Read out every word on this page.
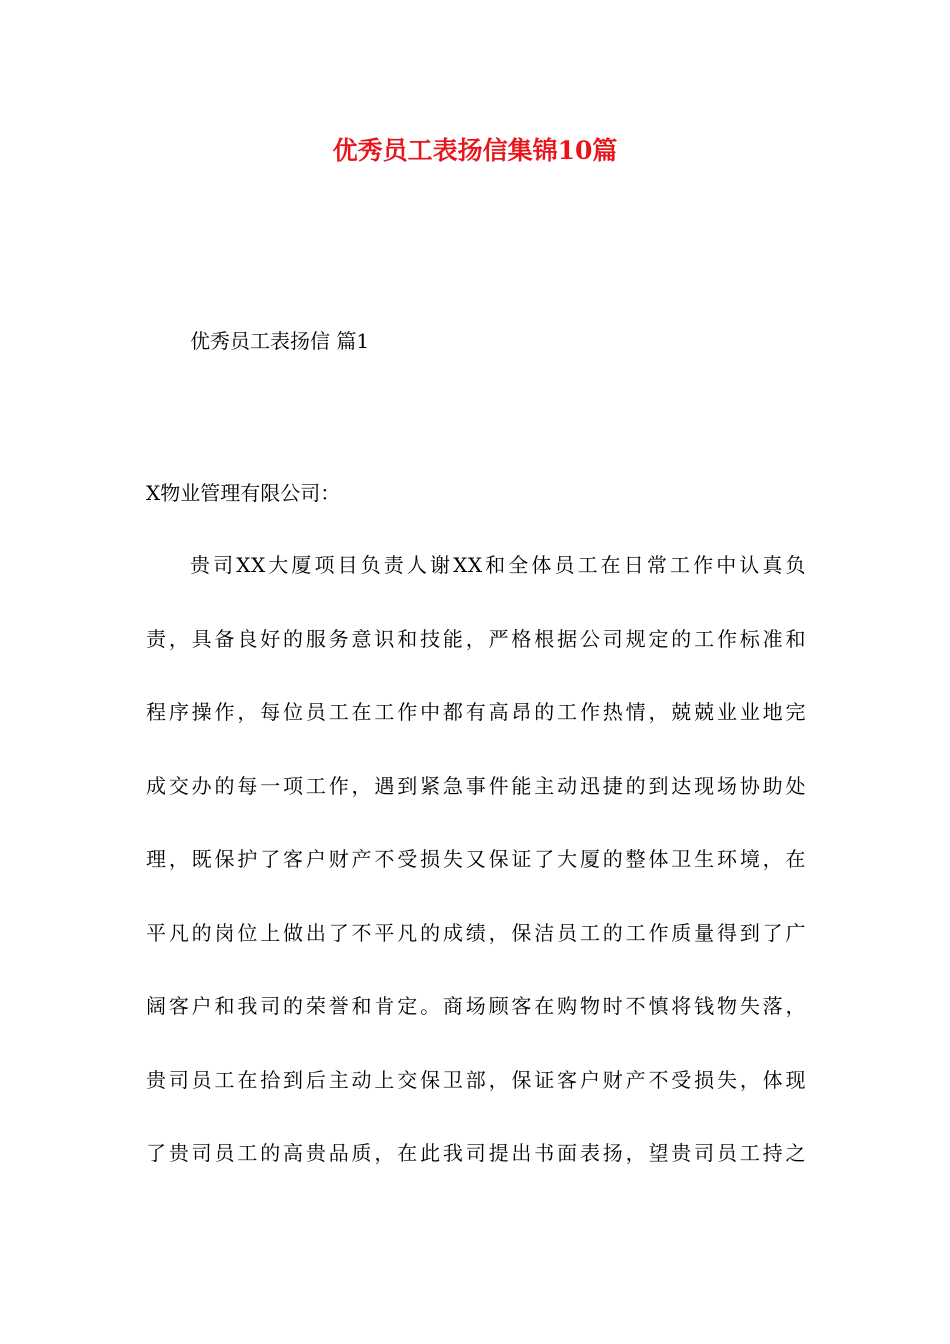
优秀员工表扬信集锦10篇

优秀员工表扬信 篇1

X物业管理有限公司：

贵司XX大厦项目负责人谢XX和全体员工在日常工作中认真负
责，具备良好的服务意识和技能，严格根据公司规定的工作标准和
程序操作，每位员工在工作中都有高昂的工作热情，兢兢业业地完
成交办的每一项工作，遇到紧急事件能主动迅捷的到达现场协助处
理，既保护了客户财产不受损失又保证了大厦的整体卫生环境，在
平凡的岗位上做出了不平凡的成绩，保洁员工的工作质量得到了广
阔客户和我司的荣誉和肯定。商场顾客在购物时不慎将钱物失落，
贵司员工在拾到后主动上交保卫部，保证客户财产不受损失，体现
了贵司员工的高贵品质，在此我司提出书面表扬，望贵司员工持之
